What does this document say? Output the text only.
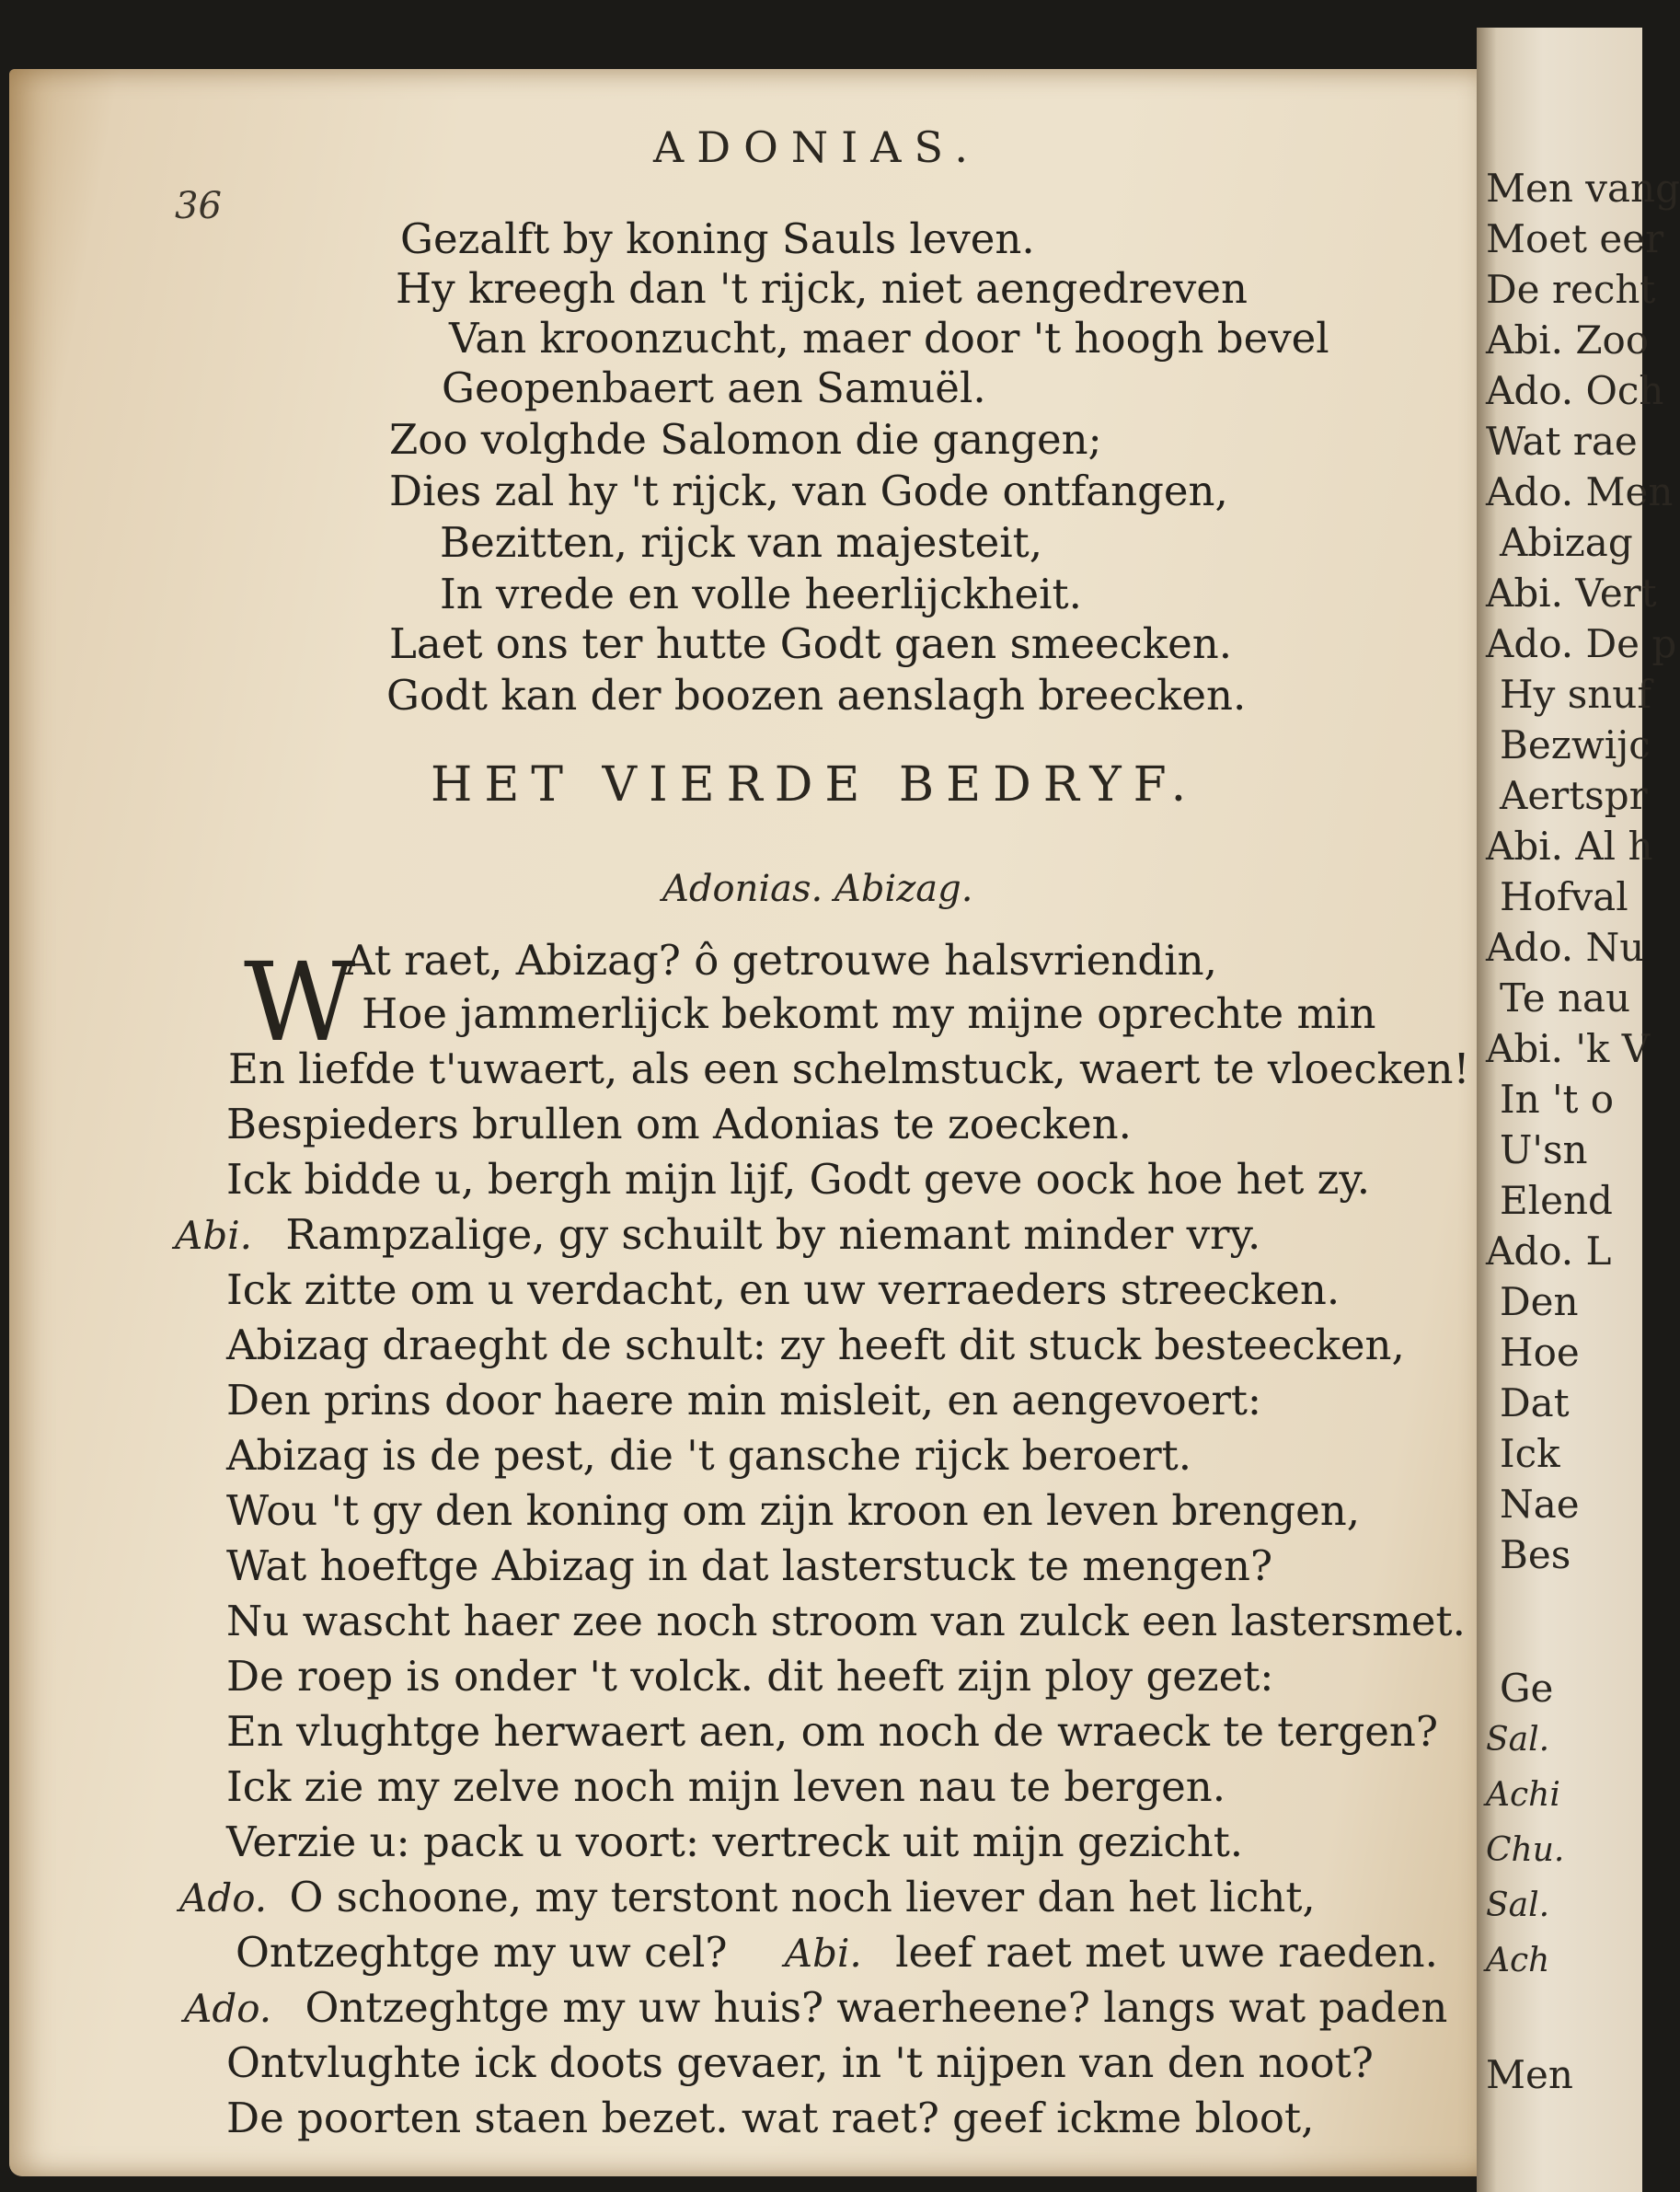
ADONIAS.
36
Gezalft by koning Sauls leven.
Hy kreegh dan 't rijck, niet aengedreven
Van kroonzucht, maer door 't hoogh bevel
Geopenbaert aen Samuël.
Zoo volghde Salomon die gangen;
Dies zal hy 't rijck, van Gode ontfangen,
Bezitten, rijck van majesteit,
In vrede en volle heerlijckheit.
Laet ons ter hutte Godt gaen smeecken.
Godt kan der boozen aenslagh breecken.
HET VIERDE BEDRYF.
Adonias. Abizag.
W
At raet, Abizag? ô getrouwe halsvriendin,
Hoe jammerlijck bekomt my mijne oprechte min
En liefde t'uwaert, als een schelmstuck, waert te vloecken!
Bespieders brullen om Adonias te zoecken.
Ick bidde u, bergh mijn lijf, Godt geve oock hoe het zy.
Abi. Rampzalige, gy schuilt by niemant minder vry.
Ick zitte om u verdacht, en uw verraeders streecken.
Abizag draeght de schult: zy heeft dit stuck besteecken,
Den prins door haere min misleit, en aengevoert:
Abizag is de pest, die 't gansche rijck beroert.
Wou 't gy den koning om zijn kroon en leven brengen,
Wat hoeftge Abizag in dat lasterstuck te mengen?
Nu wascht haer zee noch stroom van zulck een lastersmet.
De roep is onder 't volck. dit heeft zijn ploy gezet:
En vlughtge herwaert aen, om noch de wraeck te tergen?
Ick zie my zelve noch mijn leven nau te bergen.
Verzie u: pack u voort: vertreck uit mijn gezicht.
Ado. O schoone, my terstont noch liever dan het licht,
Ontzeghtge my uw cel? Abi. leef raet met uwe raeden.
Ado. Ontzeghtge my uw huis? waerheene? langs wat paden
Ontvlughte ick doots gevaer, in 't nijpen van den noot?
De poorten staen bezet. wat raet? geef ickme bloot,
Men vang
Moet eer
De recht
Abi. Zoo
Ado. Och
Wat rae
Ado. Men
Abizag
Abi. Vert
Ado. De p
Hy snuf
Bezwijc
Aertspr
Abi. Al h
Hofval
Ado. Nu
Te nau
Abi. 'k V
In 't o
U'sn
Elend
Ado. L
Den
Hoe
Dat
Ick
Nae
Bes
Ge
Sal.
Achi
Chu.
Sal.
Ach
Men
